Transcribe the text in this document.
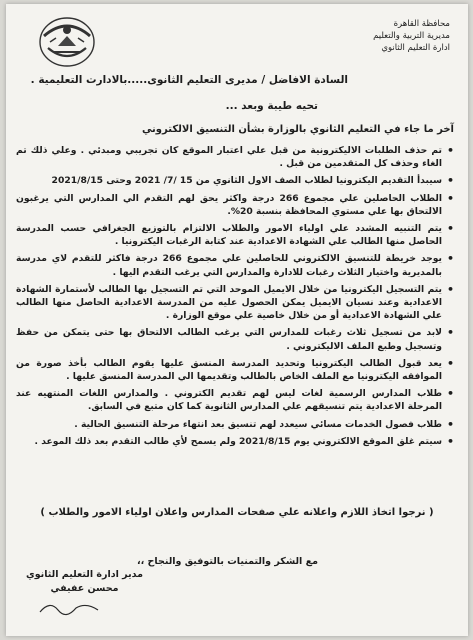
محافظة القاهرة
مديرية التربية والتعليم
ادارة التعليم الثانوي
السادة الافاضل / مديرى التعليم الثانوى.....بالادارت التعليمية .
تحيه طيبة وبعد ...
آخر ما جاء في التعليم الثانوي بالوزارة بشأن التنسيق الالكتروني
• تم حذف الطلبات الاليكترونية من قبل علي اعتبار الموقع كان تجريبي ومبدئي . وعلي ذلك تم الغاء وحذف كل المتقدمين من قبل .
• سيبدأ التقديم اليكترونيا لطلاب الصف الاول الثانوي من 15 /7/ 2021 وحتى 2021/8/15
• الطلاب الحاصلين علي مجموع 266 درجة واكثر يحق لهم التقدم الي المدارس التي يرغبون الالتحاق بها علي مستوي المحافظة بنسبة 20%.
• يتم التنبيه المشدد علي اولياء الامور والطلاب الالتزام بالتوزيع الجغرافي حسب المدرسة الحاصل منها الطالب علي الشهادة الاعدادية عند كتابة الرغبات اليكترونيا .
• يوجد خريطة للتنسيق الالكتروني للحاصلين علي مجموع 266 درجة فاكثر للتقدم لاي مدرسة بالمديرية واختيار الثلاث رغبات للادارة والمدارس التي يرغب التقدم اليها .
• يتم التسجيل اليكترونيا من خلال الايميل الموحد التي تم التسجيل بها الطالب لأستمارة الشهادة الاعدادية وعند نسيان الايميل يمكن الحصول عليه من المدرسة الاعدادية الحاصل منها الطالب علي الشهادة الاعدادية أو من خلال خاصية علي موقع الوزارة .
• لابد من تسجيل ثلاث رغبات للمدارس التي يرغب الطالب الالتحاق بها حتى يتمكن من حفظ وتسجيل وطبع الملف الاليكتروني .
• يعد قبول الطالب اليكترونيا وتحديد المدرسة المنسق عليها يقوم الطالب بأخذ صورة من الموافقه اليكترونيا مع الملف الخاص بالطالب وتقديمها الي المدرسة المنسق عليها .
• طلاب المدارس الرسمية لغات ليس لهم تقديم الكتروني . والمدارس اللغات المنتهيه عند المرحلة الاعدادية يتم تنسيقهم علي المدارس الثانوية كما كان متبع في السابق.
• طلاب فصول الخدمات مسائي سيعدد لهم تنسيق بعد انتهاء مرحلة التنسيق الحالية .
• سيتم غلق الموقع الالكتروني يوم 2021/8/15 ولم يسمح لأي طالب التقدم بعد ذلك الموعد .
( نرجوا اتخاذ اللازم واعلانه علي صفحات المدارس واعلان اولياء الامور والطلاب )
مع الشكر والتمنيات بالتوفيق والنجاح ،،
مدير ادارة التعليم الثانوي
محسن عفيفي
